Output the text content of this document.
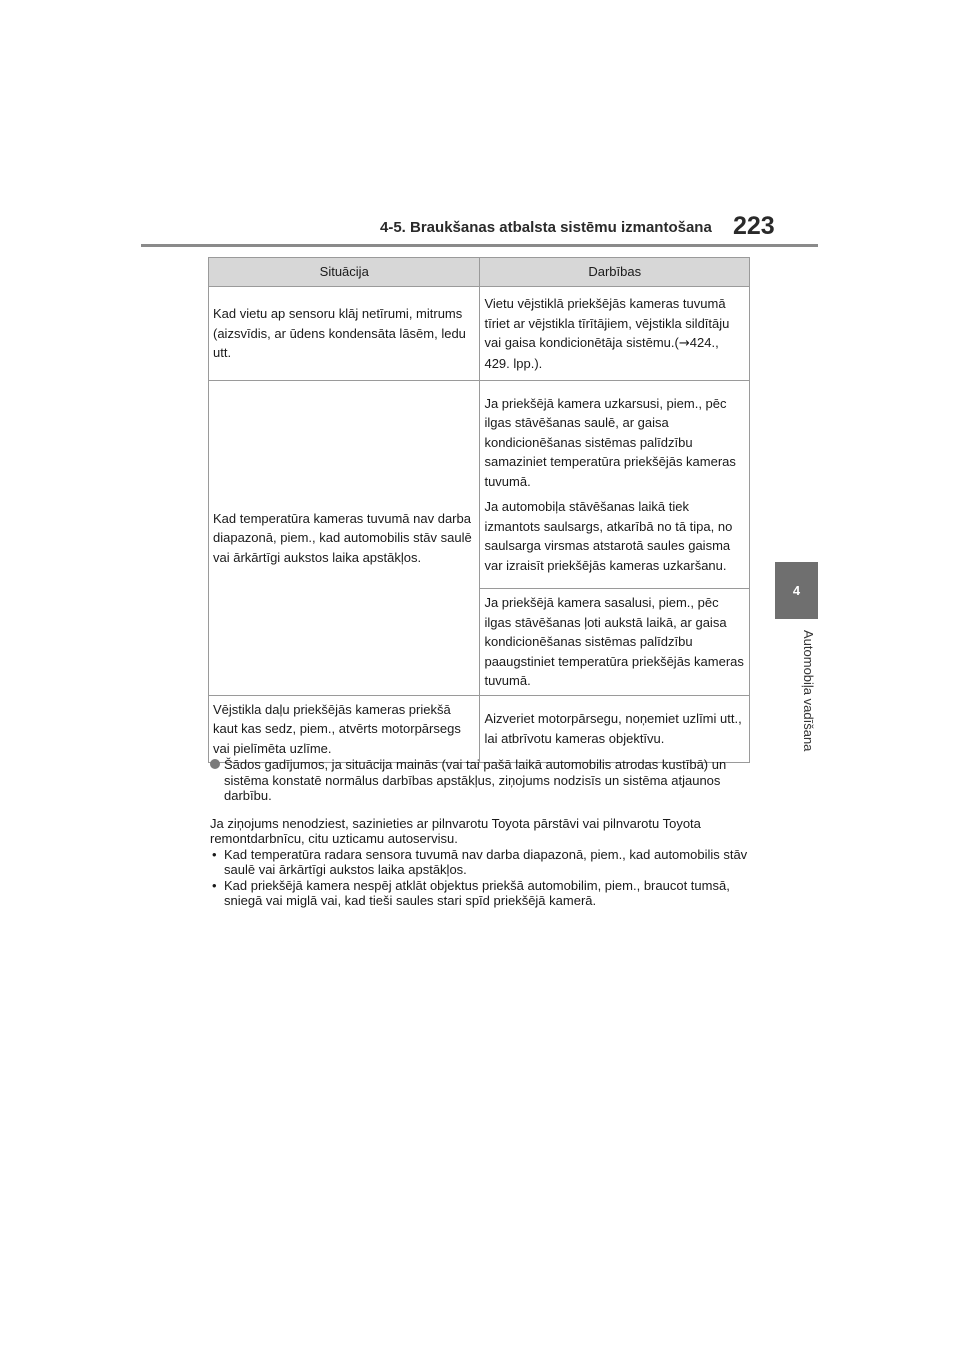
4-5. Braukšanas atbalsta sistēmu izmantošana 223
4
Automobiļa vadīšana
Situācija	Darbības
Kad vietu ap sensoru klāj netīrumi, mitrums (aizsvīdis, ar ūdens kondensāta lāsēm, ledu utt.	Vietu vējstiklā priekšējās kameras tuvumā tīriet ar vējstikla tīrītājiem, vējstikla sildītāju vai gaisa kondicionētāja sistēmu.(→424., 429. lpp.).
Kad temperatūra kameras tuvumā nav darba diapazonā, piem., kad automobilis stāv saulē vai ārkārtīgi aukstos laika apstākļos.	Ja priekšējā kamera uzkarsusi, piem., pēc ilgas stāvēšanas saulē, ar gaisa kondicionēšanas sistēmas palīdzību samaziniet temperatūra priekšējās kameras tuvumā.

Ja automobiļa stāvēšanas laikā tiek izmantots saulsargs, atkarībā no tā tipa, no saulsarga virsmas atstarotā saules gaisma var izraisīt priekšējās kameras uzkaršanu.

	Ja priekšējā kamera sasalusi, piem., pēc ilgas stāvēšanas ļoti aukstā laikā, ar gaisa kondicionēšanas sistēmas palīdzību paaugstiniet temperatūra priekšējās kameras tuvumā.
Vējstikla daļu priekšējās kameras priekšā kaut kas sedz, piem., atvērts motorpārsegs vai pielīmēta uzlīme.	Aizveriet motorpārsegu, noņemiet uzlīmi utt., lai atbrīvotu kameras objektīvu.
Šādos gadījumos, ja situācija mainās (vai tai pašā laikā automobilis atrodas kustībā) un sistēma konstatē normālus darbības apstākļus, ziņojums nodzisīs un sistēma atjaunos darbību.
Ja ziņojums nenodziest, sazinieties ar pilnvarotu Toyota pārstāvi vai pilnvarotu Toyota remontdarbnīcu, citu uzticamu autoservisu.
• Kad temperatūra radara sensora tuvumā nav darba diapazonā, piem., kad automobilis stāv saulē vai ārkārtīgi aukstos laika apstākļos.
• Kad priekšējā kamera nespēj atklāt objektus priekšā automobilim, piem., braucot tumsā, sniegā vai miglā vai, kad tieši saules stari spīd priekšējā kamerā.
